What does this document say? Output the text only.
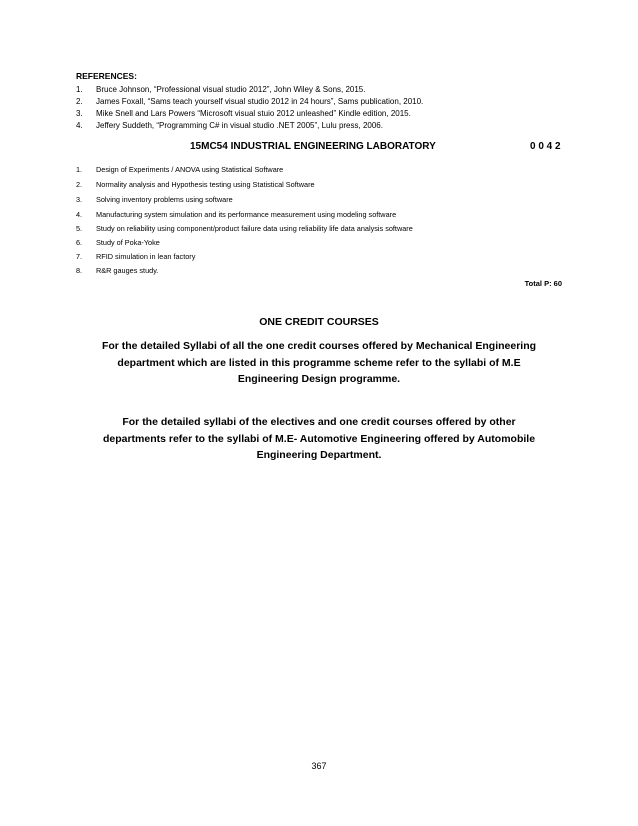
REFERENCES:
1. Bruce Johnson, “Professional visual studio 2012”, John Wiley & Sons, 2015.
2. James Foxall, “Sams teach yourself visual studio 2012 in 24 hours”, Sams publication, 2010.
3. Mike Snell and Lars Powers “Microsoft visual stuio 2012 unleashed” Kindle edition, 2015.
4. Jeffery Suddeth, “Programming C# in visual studio .NET 2005”, Lulu press, 2006.
15MC54 INDUSTRIAL ENGINEERING LABORATORY	0 0 4 2
1. Design of Experiments / ANOVA using Statistical Software
2. Normality analysis and Hypothesis testing using Statistical Software
3. Solving inventory problems using software
4. Manufacturing system simulation and its performance measurement using modeling software
5. Study on reliability using component/product failure data using reliability life data analysis software
6. Study of Poka-Yoke
7. RFID simulation in lean factory
8. R&R gauges study.
Total P: 60
ONE CREDIT COURSES
For the detailed Syllabi of all the one credit courses offered by Mechanical Engineering
department which are listed in this programme scheme refer to the syllabi of M.E
Engineering Design programme.
For the detailed syllabi of the electives and one credit courses offered by other
departments refer to the syllabi of M.E- Automotive Engineering offered by Automobile
Engineering Department.
367
